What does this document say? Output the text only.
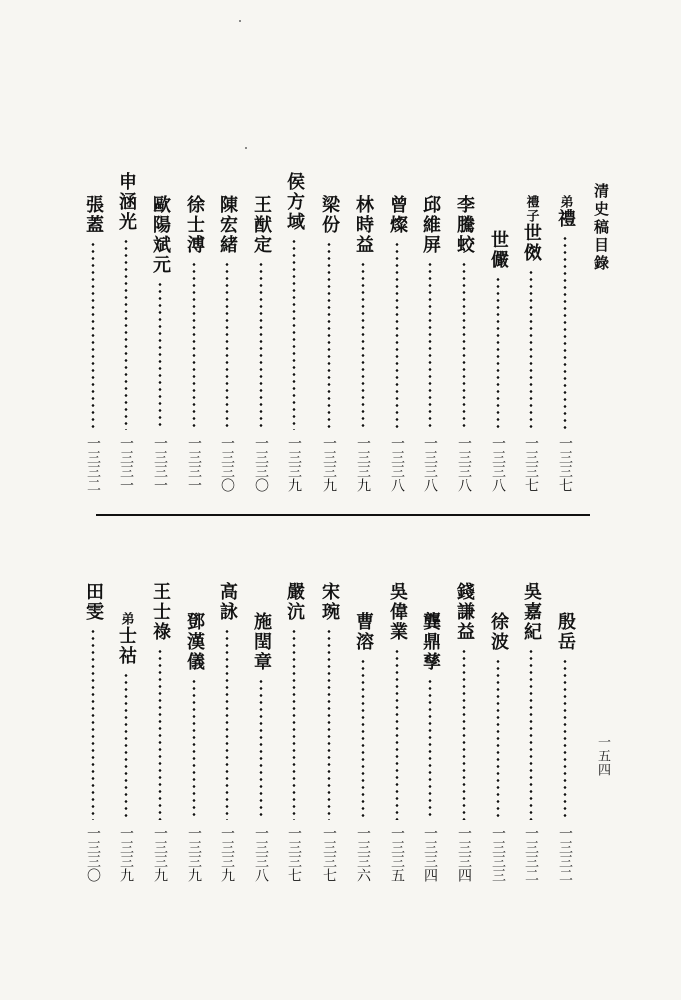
清史稿目錄
一五四
弟
禮
一三三七
禮子
世傚
一三三七
世儼
一三三八
李騰蛟
一三三八
邱維屏
一三三八
曾燦
一三三八
林時益
一三三九
梁份
一三三九
侯方域
一三三九
王猷定
一三三〇
陳宏緒
一三三〇
徐士溥
一三三一
歐陽斌元
一三三一
申涵光
一三三一
張蓋
一三三二
殷岳
一三三二
吳嘉紀
一三三二
徐波
一三三三
錢謙益
一三三四
龔鼎孳
一三三四
吳偉業
一三三五
曹溶
一三三六
宋琬
一三三七
嚴沆
一三三七
施閏章
一三三八
高詠
一三三九
鄧漢儀
一三三九
王士祿
一三三九
弟
士祜
一三三九
田雯
一三三〇
